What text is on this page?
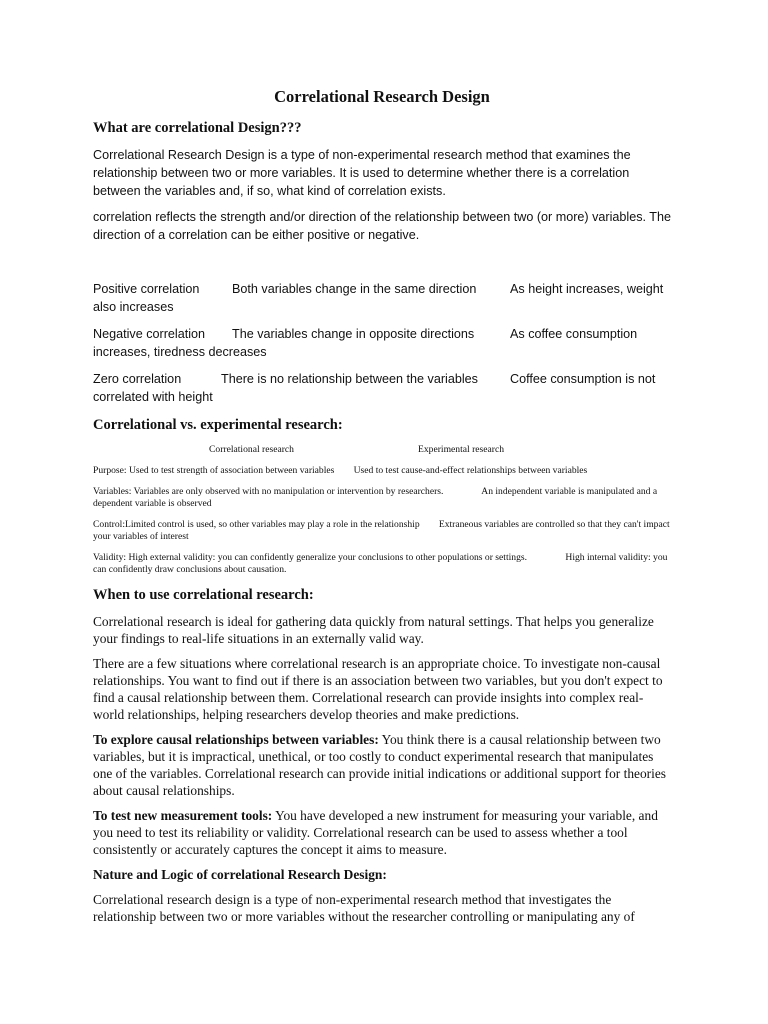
Correlational Research Design
What are correlational Design???

Correlational Research Design is a type of non-experimental research method that examines the relationship between two or more variables. It is used to determine whether there is a correlation between the variables and, if so, what kind of correlation exists.

correlation reflects the strength and/or direction of the relationship between two (or more) variables. The direction of a correlation can be either positive or negative.

Positive correlation	Both variables change in the same direction	As height increases, weight also increases

Negative correlation The variables change in opposite directions	As coffee consumption increases, tiredness decreases

Zero correlation	There is no relationship between the variables	Coffee consumption is not correlated with height

Correlational vs. experimental research:
Correlational research	Experimental research

Purpose: Used to test strength of association between variables        Used to test cause-and-effect relationships between variables

Variables: Variables are only observed with no manipulation or intervention by researchers.                An independent variable is manipulated and a dependent variable is observed

Control:Limited control is used, so other variables may play a role in the relationship        Extraneous variables are controlled so that they can't impact your variables of interest

Validity: High external validity: you can confidently generalize your conclusions to other populations or settings.                High internal validity: you can confidently draw conclusions about causation.

When to use correlational research:

Correlational research is ideal for gathering data quickly from natural settings. That helps you generalize your findings to real-life situations in an externally valid way.

There are a few situations where correlational research is an appropriate choice. To investigate non-causal relationships. You want to find out if there is an association between two variables, but you don't expect to find a causal relationship between them. Correlational research can provide insights into complex real-world relationships, helping researchers develop theories and make predictions.

To explore causal relationships between variables: You think there is a causal relationship between two variables, but it is impractical, unethical, or too costly to conduct experimental research that manipulates one of the variables. Correlational research can provide initial indications or additional support for theories about causal relationships.

To test new measurement tools: You have developed a new instrument for measuring your variable, and you need to test its reliability or validity. Correlational research can be used to assess whether a tool consistently or accurately captures the concept it aims to measure.

Nature and Logic of correlational Research Design:

Correlational research design is a type of non-experimental research method that investigates the relationship between two or more variables without the researcher controlling or manipulating any of
